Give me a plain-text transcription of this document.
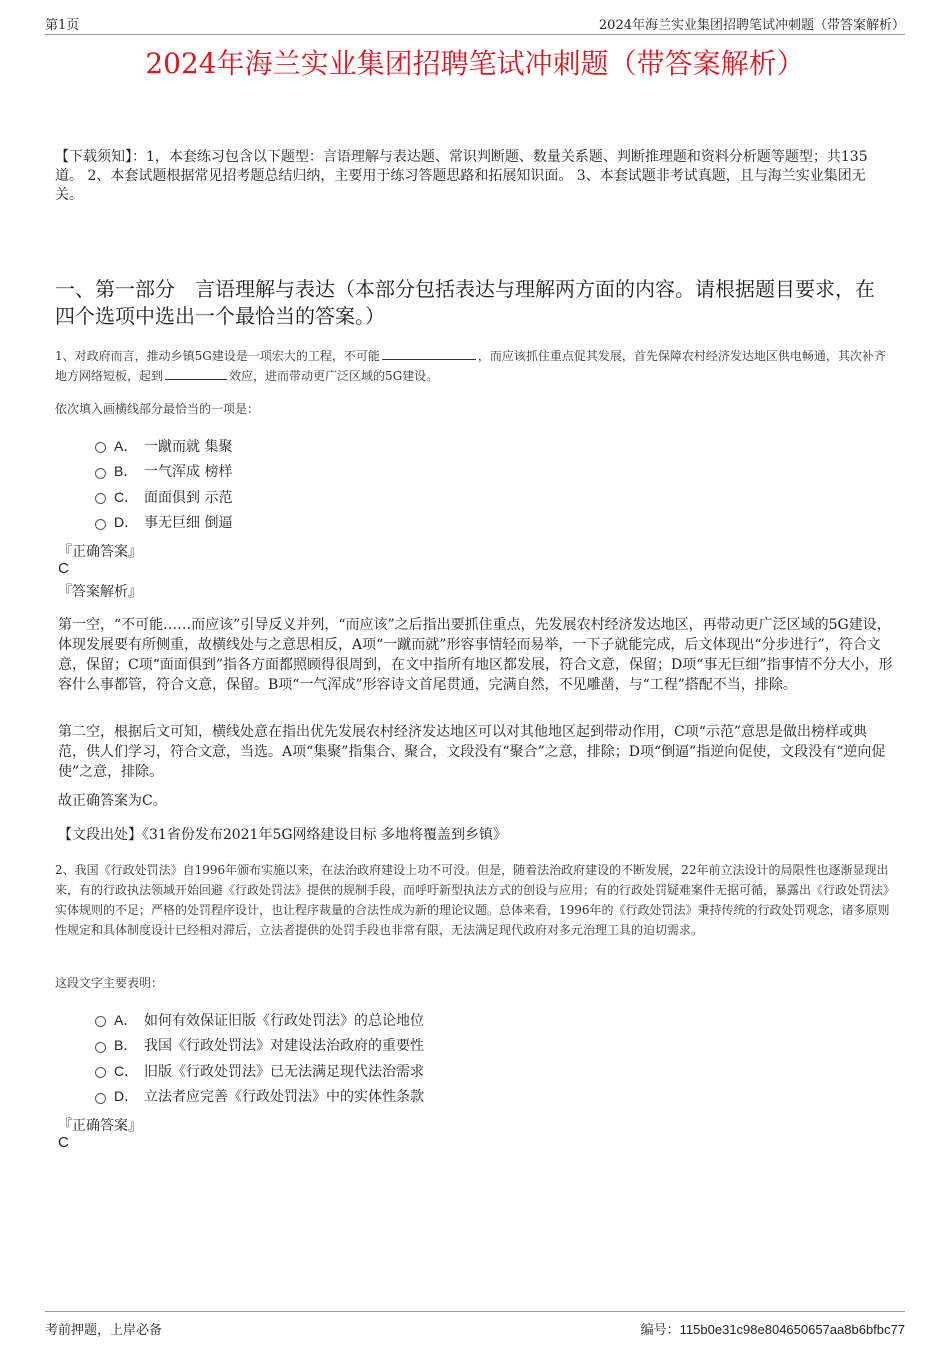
第1页	2024年海兰实业集团招聘笔试冲刺题（带答案解析）
2024年海兰实业集团招聘笔试冲刺题（带答案解析）
【下载须知】：1，本套练习包含以下题型：言语理解与表达题、常识判断题、数量关系题、判断推理题和资料分析题等题型；共135道。 2、本套试题根据常见招考题总结归纳，主要用于练习答题思路和拓展知识面。 3、本套试题非考试真题，且与海兰实业集团无关。
一、第一部分　言语理解与表达（本部分包括表达与理解两方面的内容。请根据题目要求，在四个选项中选出一个最恰当的答案。）
1、对政府而言，推动乡镇5G建设是一项宏大的工程，不可能	，而应该抓住重点促其发展，首先保障农村经济发达地区供电畅通，其次补齐地方网络短板，起到	效应，进而带动更广泛区域的5G建设。
依次填入画横线部分最恰当的一项是：
A． 一蹴而就 集聚
B． 一气浑成 榜样
C． 面面俱到 示范
D． 事无巨细 倒逼
『正确答案』
C
『答案解析』
第一空，“不可能……而应该”引导反义并列，“而应该”之后指出要抓住重点，先发展农村经济发达地区，再带动更广泛区域的5G建设，体现发展要有所侧重，故横线处与之意思相反，A项“一蹴而就”形容事情轻而易举，一下子就能完成，后文体现出“分步进行”，符合文意，保留；C项“面面俱到”指各方面都照顾得很周到，在文中指所有地区都发展，符合文意，保留；D项“事无巨细”指事情不分大小，形容什么事都管，符合文意，保留。B项“一气浑成”形容诗文首尾贯通，完满自然，不见雕凿，与“工程”搭配不当，排除。
第二空，根据后文可知，横线处意在指出优先发展农村经济发达地区可以对其他地区起到带动作用，C项“示范”意思是做出榜样或典范，供人们学习，符合文意，当选。A项“集聚”指集合、聚合，文段没有“聚合”之意，排除；D项“倒逼”指逆向促使，文段没有“逆向促使”之意，排除。
故正确答案为C。
【文段出处】《31省份发布2021年5G网络建设目标 多地将覆盖到乡镇》
2、我国《行政处罚法》自1996年颁布实施以来，在法治政府建设上功不可没。但是，随着法治政府建设的不断发展，22年前立法设计的局限性也逐渐显现出来，有的行政执法领域开始回避《行政处罚法》提供的规制手段，而呼吁新型执法方式的创设与应用；有的行政处罚疑难案件无据可循，暴露出《行政处罚法》实体规则的不足；严格的处罚程序设计，也让程序裁量的合法性成为新的理论议题。总体来看，1996年的《行政处罚法》秉持传统的行政处罚观念，诸多原则性规定和具体制度设计已经相对滞后，立法者提供的处罚手段也非常有限，无法满足现代政府对多元治理工具的迫切需求。
这段文字主要表明：
A． 如何有效保证旧版《行政处罚法》的总论地位
B． 我国《行政处罚法》对建设法治政府的重要性
C． 旧版《行政处罚法》已无法满足现代法治需求
D． 立法者应完善《行政处罚法》中的实体性条款
『正确答案』
C
考前押题，上岸必备	编号：115b0e31c98e804650657aa8b6bfbc77
